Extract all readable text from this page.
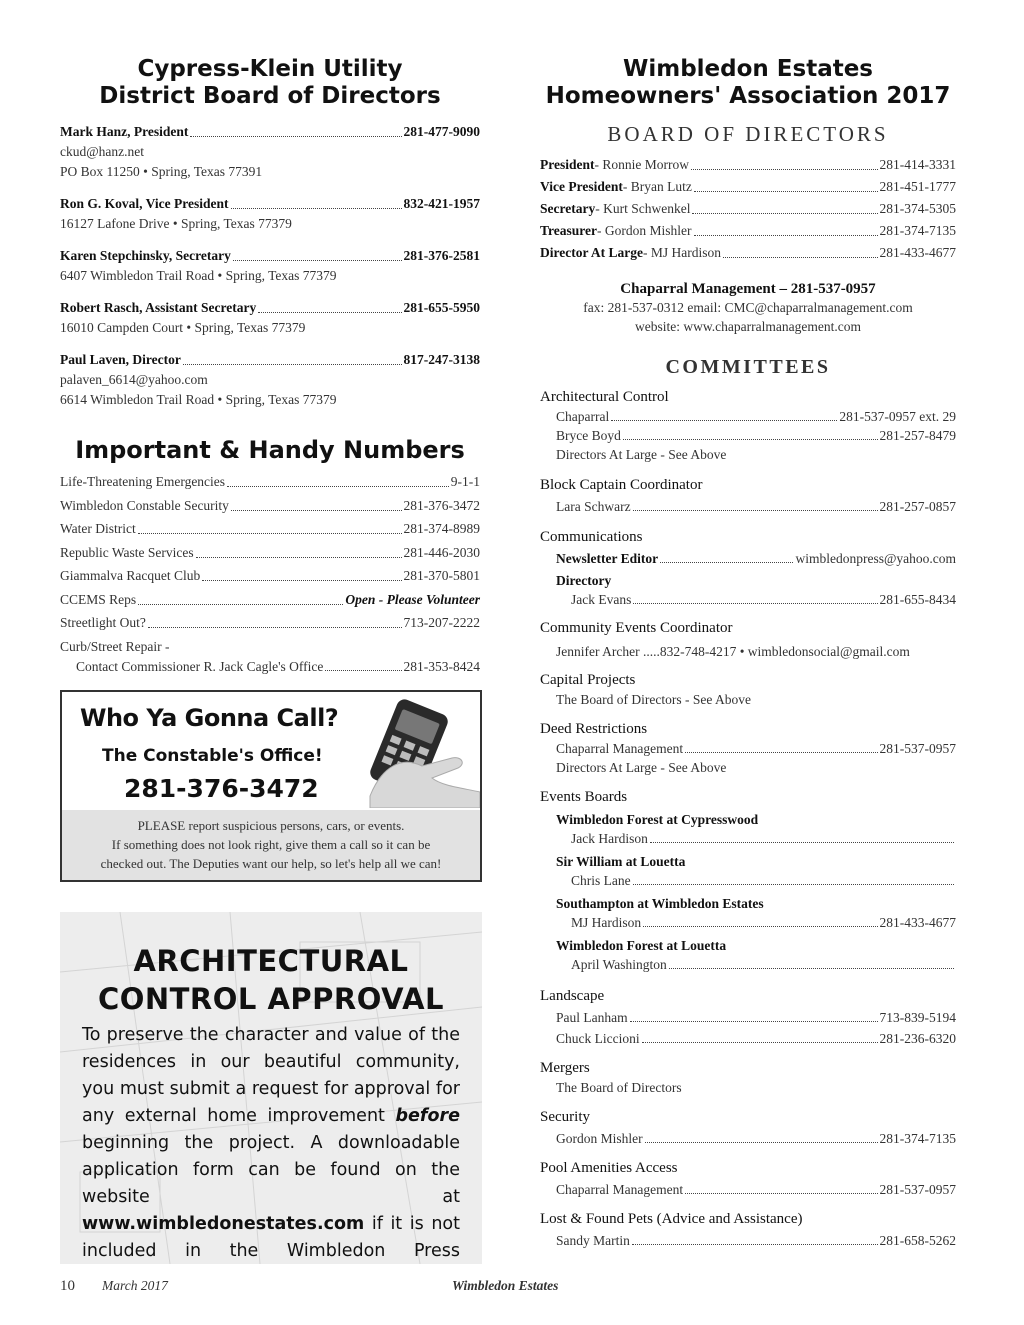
Cypress-Klein Utility
District Board of Directors
Mark Hanz, President	281-477-9090
ckud@hanz.net
PO Box 11250 • Spring, Texas 77391
Ron G. Koval, Vice President	832-421-1957
16127 Lafone Drive • Spring, Texas 77379
Karen Stepchinsky, Secretary	281-376-2581
6407 Wimbledon Trail Road • Spring, Texas 77379
Robert Rasch, Assistant Secretary	281-655-5950
16010 Campden Court • Spring, Texas 77379
Paul Laven, Director	817-247-3138
palaven_6614@yahoo.com
6614 Wimbledon Trail Road • Spring, Texas 77379
Important & Handy Numbers
Life-Threatening Emergencies	9-1-1
Wimbledon Constable Security	281-376-3472
Water District	281-374-8989
Republic Waste Services	281-446-2030
Giammalva Racquet Club	281-370-5801
CCEMS Reps	Open - Please Volunteer
Streetlight Out?	713-207-2222
Curb/Street Repair -
Contact Commissioner R. Jack Cagle's Office	281-353-8424
Who Ya Gonna Call?
The Constable's Office!
281-376-3472
PLEASE report suspicious persons, cars, or events.
If something does not look right, give them a call so it can be
checked out. The Deputies want our help, so let's help all we can!
ARCHITECTURAL
CONTROL APPROVAL
To preserve the character and value of the residences in our beautiful community, you must submit a request for approval for any external home improvement before beginning the project. A downloadable application form can be found on the website at www.wimbledonestates.com if it is not included in the Wimbledon Press
Wimbledon Estates
Homeowners' Association 2017
BOARD OF DIRECTORS
President - Ronnie Morrow	281-414-3331
Vice President - Bryan Lutz	281-451-1777
Secretary - Kurt Schwenkel	281-374-5305
Treasurer - Gordon Mishler	281-374-7135
Director At Large - MJ Hardison	281-433-4677
Chaparral Management – 281-537-0957
fax: 281-537-0312 email: CMC@chaparralmanagement.com
website: www.chaparralmanagement.com
COMMITTEES
Architectural Control
Chaparral	281-537-0957 ext. 29
Bryce Boyd	281-257-8479
Directors At Large - See Above
Block Captain Coordinator
Lara Schwarz	281-257-0857
Communications
Newsletter Editor	wimbledonpress@yahoo.com
Directory
Jack Evans	281-655-8434
Community Events Coordinator
Jennifer Archer .....832-748-4217 • wimbledonsocial@gmail.com
Capital Projects
The Board of Directors - See Above
Deed Restrictions
Chaparral Management	281-537-0957
Directors At Large - See Above
Events Boards
Wimbledon Forest at Cypresswood
Jack Hardison
Sir William at Louetta
Chris Lane
Southampton at Wimbledon Estates
MJ Hardison	281-433-4677
Wimbledon Forest at Louetta
April Washington
Landscape
Paul Lanham	713-839-5194
Chuck Liccioni	281-236-6320
Mergers
The Board of Directors
Security
Gordon Mishler	281-374-7135
Pool Amenities Access
Chaparral Management	281-537-0957
Lost & Found Pets (Advice and Assistance)
Sandy Martin	281-658-5262
10 March 2017	Wimbledon Estates
